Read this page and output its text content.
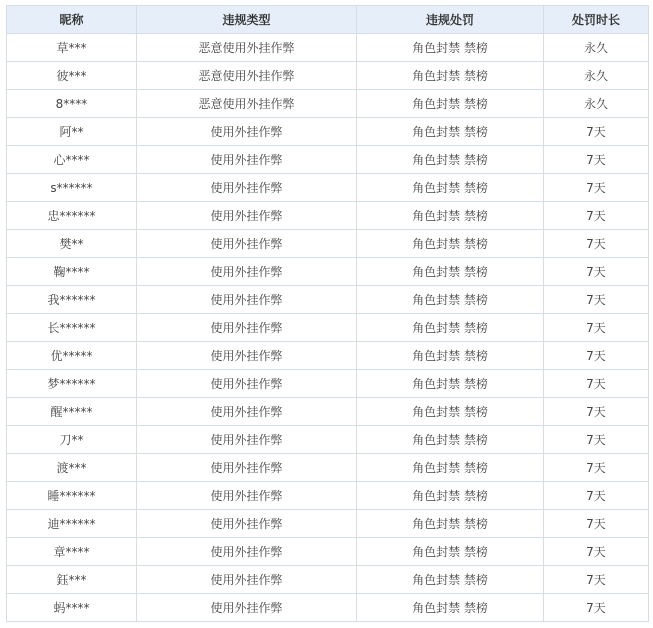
昵称	违规类型	违规处罚	处罚时长
草***	恶意使用外挂作弊	角色封禁 禁榜	永久
彼***	恶意使用外挂作弊	角色封禁 禁榜	永久
8****	恶意使用外挂作弊	角色封禁 禁榜	永久
阿**	使用外挂作弊	角色封禁 禁榜	7天
心****	使用外挂作弊	角色封禁 禁榜	7天
s******	使用外挂作弊	角色封禁 禁榜	7天
忠******	使用外挂作弊	角色封禁 禁榜	7天
樊**	使用外挂作弊	角色封禁 禁榜	7天
鞠****	使用外挂作弊	角色封禁 禁榜	7天
我******	使用外挂作弊	角色封禁 禁榜	7天
长******	使用外挂作弊	角色封禁 禁榜	7天
优*****	使用外挂作弊	角色封禁 禁榜	7天
梦******	使用外挂作弊	角色封禁 禁榜	7天
醒*****	使用外挂作弊	角色封禁 禁榜	7天
刀**	使用外挂作弊	角色封禁 禁榜	7天
渡***	使用外挂作弊	角色封禁 禁榜	7天
睡******	使用外挂作弊	角色封禁 禁榜	7天
迪******	使用外挂作弊	角色封禁 禁榜	7天
章****	使用外挂作弊	角色封禁 禁榜	7天
鈺***	使用外挂作弊	角色封禁 禁榜	7天
蚂****	使用外挂作弊	角色封禁 禁榜	7天
